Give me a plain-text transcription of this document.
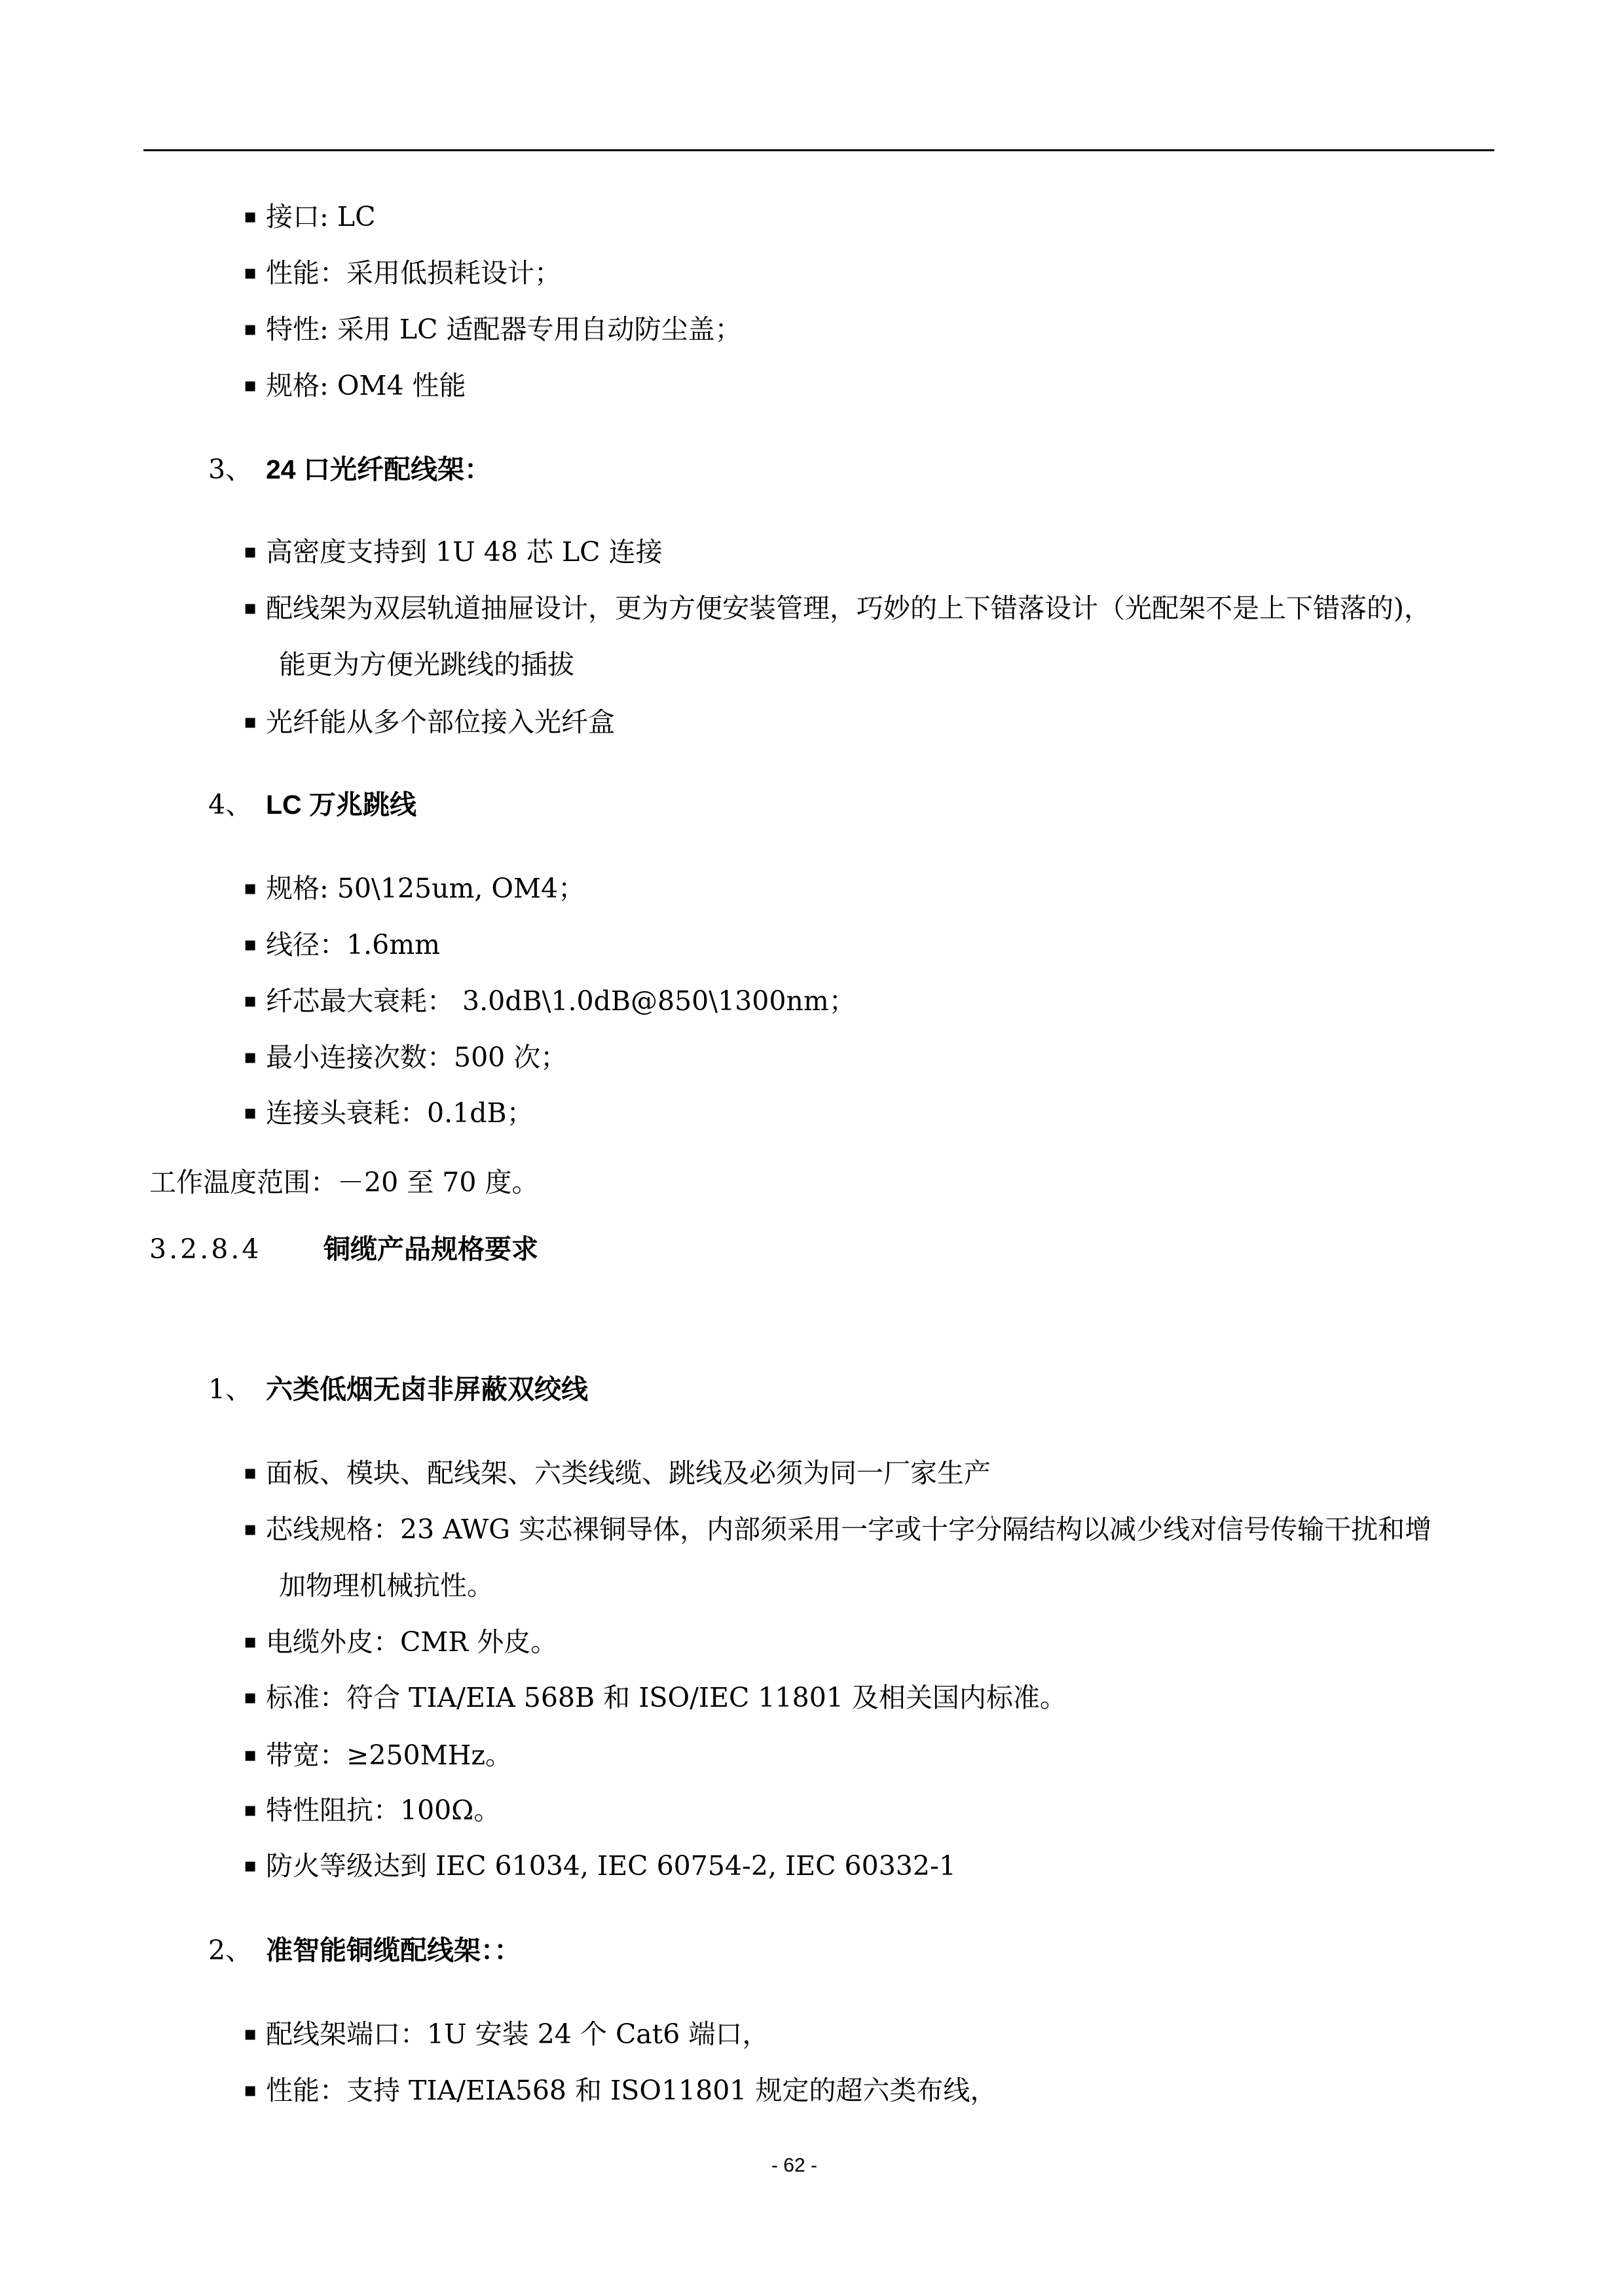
▪ 接口: LC
▪ 性能：采用低损耗设计；
▪ 特性: 采用 LC 适配器专用自动防尘盖；
▪ 规格: OM4 性能
3、 24 口光纤配线架：
▪ 高密度支持到 1U 48 芯 LC 连接
▪ 配线架为双层轨道抽屉设计，更为方便安装管理，巧妙的上下错落设计（光配架不是上下错落的)，
能更为方便光跳线的插拔
▪ 光纤能从多个部位接入光纤盒
4、 LC 万兆跳线
▪ 规格: 50\125um, OM4；
▪ 线径：1.6mm
▪ 纤芯最大衰耗： 3.0dB\1.0dB@850\1300nm；
▪ 最小连接次数：500 次；
▪ 连接头衰耗：0.1dB；
工作温度范围：－20 至 70 度。
3.2.8.4 铜缆产品规格要求
1、 六类低烟无卤非屏蔽双绞线
▪ 面板、模块、配线架、六类线缆、跳线及必须为同一厂家生产
▪ 芯线规格：23 AWG 实芯裸铜导体，内部须采用一字或十字分隔结构以减少线对信号传输干扰和增
加物理机械抗性。
▪ 电缆外皮：CMR 外皮。
▪ 标准：符合 TIA/EIA 568B 和 ISO/IEC 11801 及相关国内标准。
▪ 带宽：≥250MHz。
▪ 特性阻抗：100Ω。
▪ 防火等级达到 IEC 61034, IEC 60754-2, IEC 60332-1
2、 准智能铜缆配线架：：
▪ 配线架端口：1U 安装 24 个 Cat6 端口，
▪ 性能：支持 TIA/EIA568 和 ISO11801 规定的超六类布线，
- 62 -
